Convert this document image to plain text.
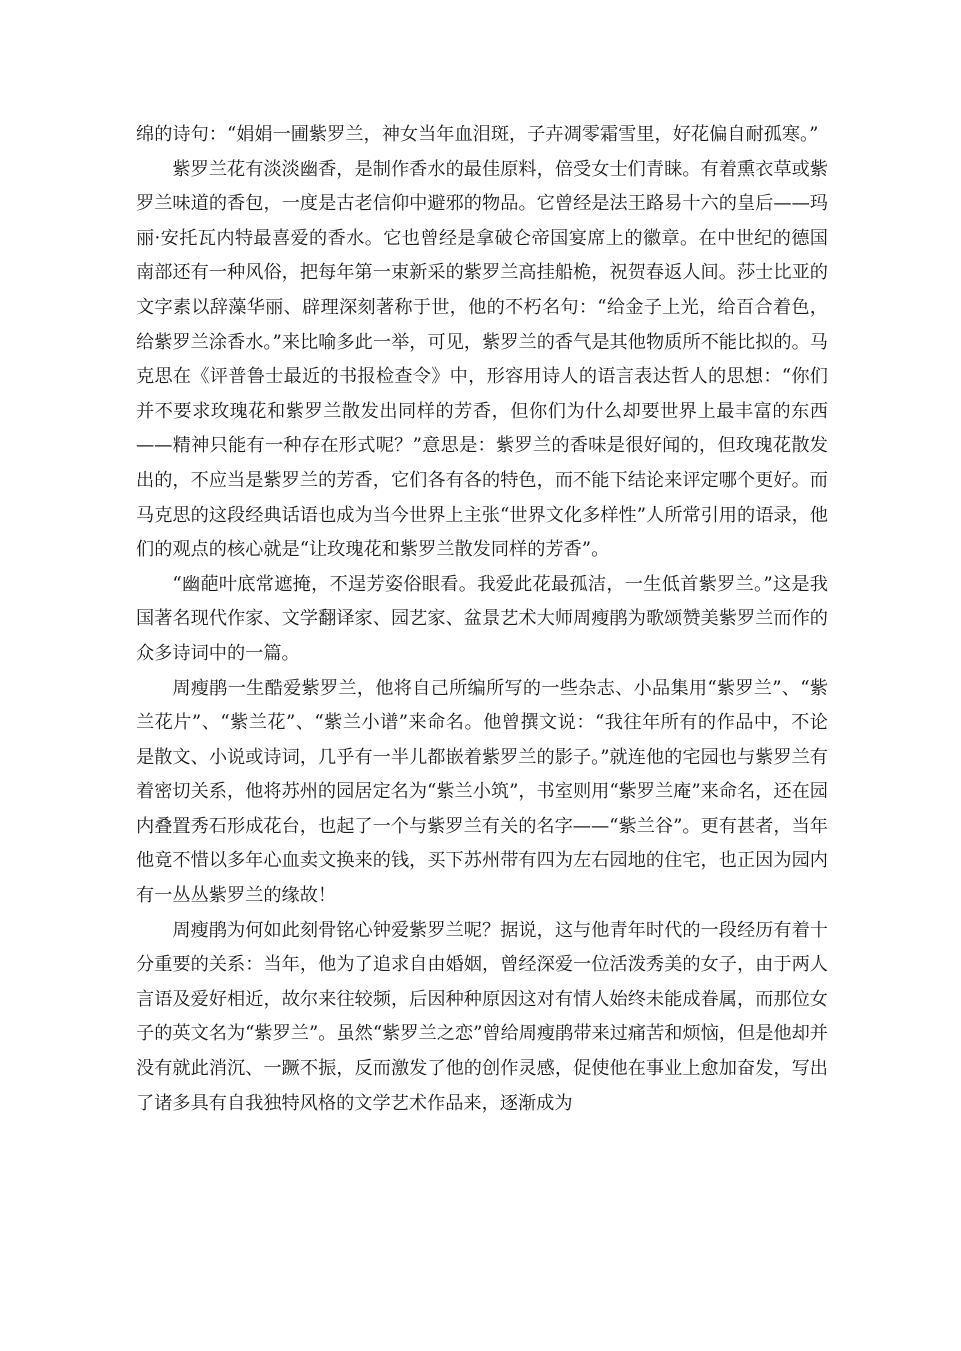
绵的诗句：“娟娟一圃紫罗兰，神女当年血泪斑，子卉凋零霜雪里，好花偏自耐孤寒。”

紫罗兰花有淡淡幽香，是制作香水的最佳原料，倍受女士们青睐。有着熏衣草或紫罗兰味道的香包，一度是古老信仰中避邪的物品。它曾经是法王路易十六的皇后——玛丽·安托瓦内特最喜爱的香水。它也曾经是拿破仑帝国宴席上的徽章。在中世纪的德国南部还有一种风俗，把每年第一束新采的紫罗兰高挂船桅，祝贺春返人间。莎士比亚的文字素以辞藻华丽、辟理深刻著称于世，他的不朽名句：“给金子上光，给百合着色，给紫罗兰涂香水。”来比喻多此一举，可见，紫罗兰的香气是其他物质所不能比拟的。马克思在《评普鲁士最近的书报检查令》中，形容用诗人的语言表达哲人的思想：“你们并不要求玫瑰花和紫罗兰散发出同样的芳香，但你们为什么却要世界上最丰富的东西——精神只能有一种存在形式呢？”意思是：紫罗兰的香味是很好闻的，但玫瑰花散发出的，不应当是紫罗兰的芳香，它们各有各的特色，而不能下结论来评定哪个更好。而马克思的这段经典话语也成为当今世界上主张“世界文化多样性”人所常引用的语录，他们的观点的核心就是“让玫瑰花和紫罗兰散发同样的芳香”。

“幽葩叶底常遮掩，不逞芳姿俗眼看。我爱此花最孤洁，一生低首紫罗兰。”这是我国著名现代作家、文学翻译家、园艺家、盆景艺术大师周瘦鹃为歌颂赞美紫罗兰而作的众多诗词中的一篇。

周瘦鹃一生酷爱紫罗兰，他将自己所编所写的一些杂志、小品集用“紫罗兰”、“紫兰花片”、“紫兰花”、“紫兰小谱”来命名。他曾撰文说：“我往年所有的作品中，不论是散文、小说或诗词，几乎有一半儿都嵌着紫罗兰的影子。”就连他的宅园也与紫罗兰有着密切关系，他将苏州的园居定名为“紫兰小筑”，书室则用“紫罗兰庵”来命名，还在园内叠置秀石形成花台，也起了一个与紫罗兰有关的名字——“紫兰谷”。更有甚者，当年他竟不惜以多年心血卖文换来的钱，买下苏州带有四为左右园地的住宅，也正因为园内有一丛丛紫罗兰的缘故！

周瘦鹃为何如此刻骨铭心钟爱紫罗兰呢？据说，这与他青年时代的一段经历有着十分重要的关系：当年，他为了追求自由婚姻，曾经深爱一位活泼秀美的女子，由于两人言语及爱好相近，故尔来往较频，后因种种原因这对有情人始终未能成眷属，而那位女子的英文名为“紫罗兰”。虽然“紫罗兰之恋”曾给周瘦鹃带来过痛苦和烦恼，但是他却并没有就此消沉、一蹶不振，反而激发了他的创作灵感，促使他在事业上愈加奋发，写出了诸多具有自我独特风格的文学艺术作品来，逐渐成为
